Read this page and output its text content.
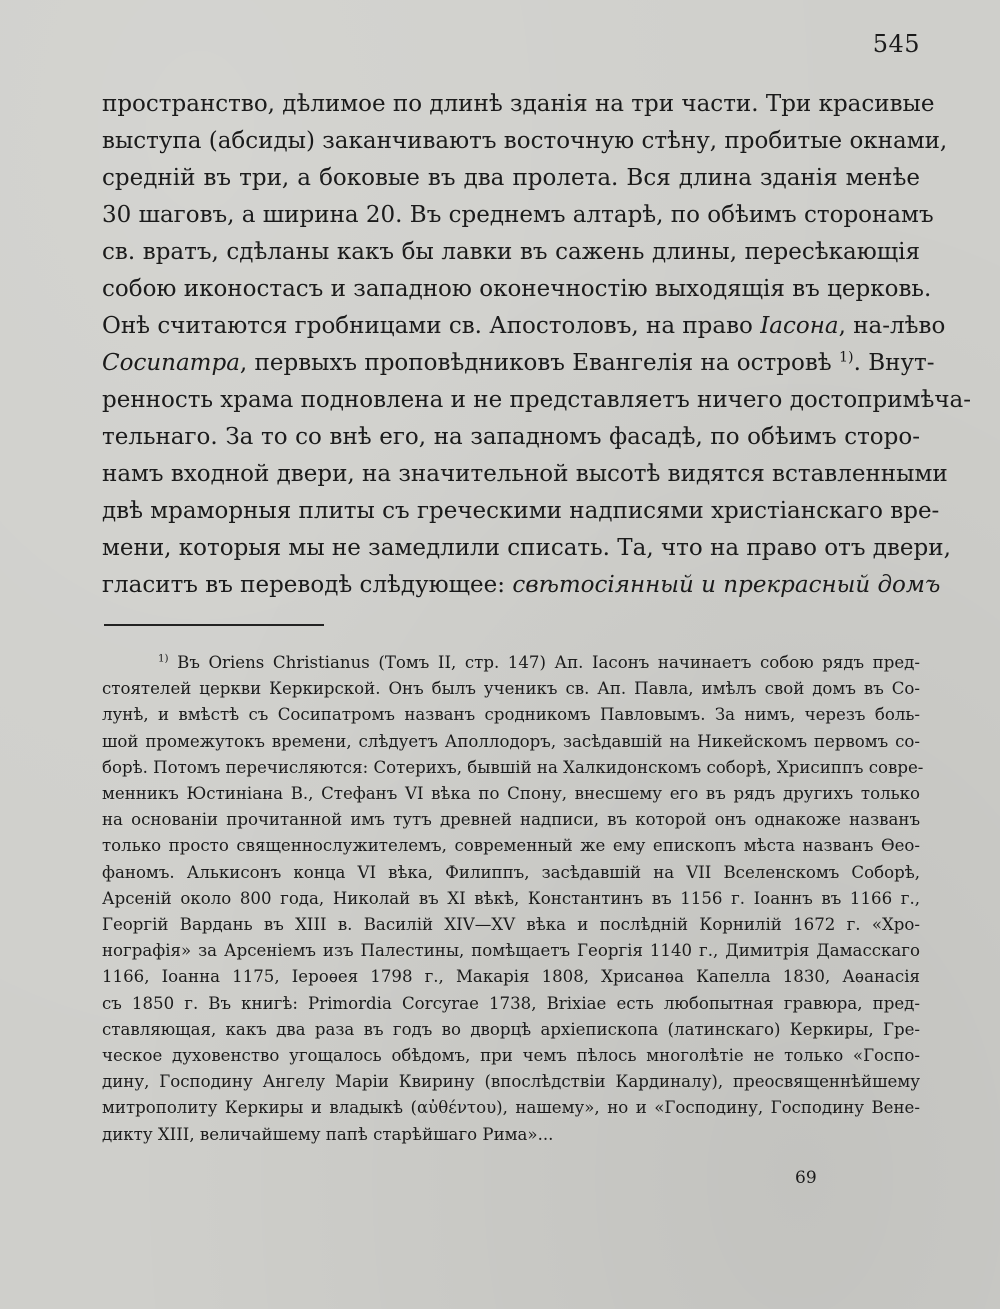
545
пространство, дѣлимое по длинѣ зданія на три части. Три красивые
выступа (абсиды) заканчиваютъ восточную стѣну, пробитые окнами,
средній въ три, а боковые въ два пролета. Вся длина зданія менѣе
30 шаговъ, а ширина 20. Въ среднемъ алтарѣ, по обѣимъ сторонамъ
св. вратъ, сдѣланы какъ бы лавки въ сажень длины, пересѣкающія
собою иконостасъ и западною оконечностію выходящія въ церковь.
Онѣ считаются гробницами св. Апостоловъ, на право Іасона, на-лѣво
Сосипатра, первыхъ проповѣдниковъ Евангелія на островѣ $^{1)}$. Внут-
ренность храма подновлена и не представляетъ ничего достопримѣча-
тельнаго. За то со внѣ его, на западномъ фасадѣ, по обѣимъ сторо-
намъ входной двери, на значительной высотѣ видятся вставленными
двѣ мраморныя плиты съ греческими надписями христіанскаго вре-
мени, которыя мы не замедлили списать. Та, что на право отъ двери,
гласитъ въ переводѣ слѣдующее: свѣтосіянный и прекрасный домъ
$^{1)}$ Въ Oriens Christianus (Томъ II, стр. 147) Ап. Іасонъ начинаетъ собою рядъ пред-
стоятелей церкви Керкирской. Онъ былъ ученикъ св. Ап. Павла, имѣлъ свой домъ въ Со-
лунѣ, и вмѣстѣ съ Сосипатромъ названъ сродникомъ Павловымъ. За нимъ, черезъ боль-
шой промежутокъ времени, слѣдуетъ Аполлодоръ, засѣдавшій на Никейскомъ первомъ со-
борѣ. Потомъ перечисляются: Сотерихъ, бывшій на Халкидонскомъ соборѣ, Хрисиппъ совре-
менникъ Юстиніана В., Стефанъ VI вѣка по Спону, внесшему его въ рядъ другихъ только
на основаніи прочитанной имъ тутъ древней надписи, въ которой онъ однакоже названъ
только просто священнослужителемъ, современный же ему епископъ мѣста названъ Ѳеo-
фаномъ. Алькисонъ конца VI вѣка, Филиппъ, засѣдавшій на VII Вселенскомъ Соборѣ,
Арсеній около 800 года, Николай въ XI вѣкѣ, Константинъ въ 1156 г. Іоаннъ въ 1166 г.,
Георгій Вардань въ XIII в. Василій XIV—XV вѣка и послѣдній Корнилій 1672 г. «Хро-
нографія» за Арсеніемъ изъ Палестины, помѣщаетъ Георгія 1140 г., Димитрія Дамасскаго
1166, Іоанна 1175, Іероѳея 1798 г., Макарія 1808, Хрисанѳа Капелла 1830, Аѳанасія
съ 1850 г. Въ книгѣ: Primordia Corcyrae 1738, Brixiae есть любопытная гравюра, пред-
ставляющая, какъ два раза въ годъ во дворцѣ архіепископа (латинскаго) Керкиры, Гре-
ческое духовенство угощалось обѣдомъ, при чемъ пѣлось многолѣтіе не только «Госпо-
дину, Господину Ангелу Маріи Квирину (впослѣдствіи Кардиналу), преосвященнѣйшему
митрополиту Керкиры и владыкѣ (αὐθέντου), нашему», но и «Господину, Господину Вене-
дикту XIII, величайшему папѣ старѣйшаго Рима»...
69
